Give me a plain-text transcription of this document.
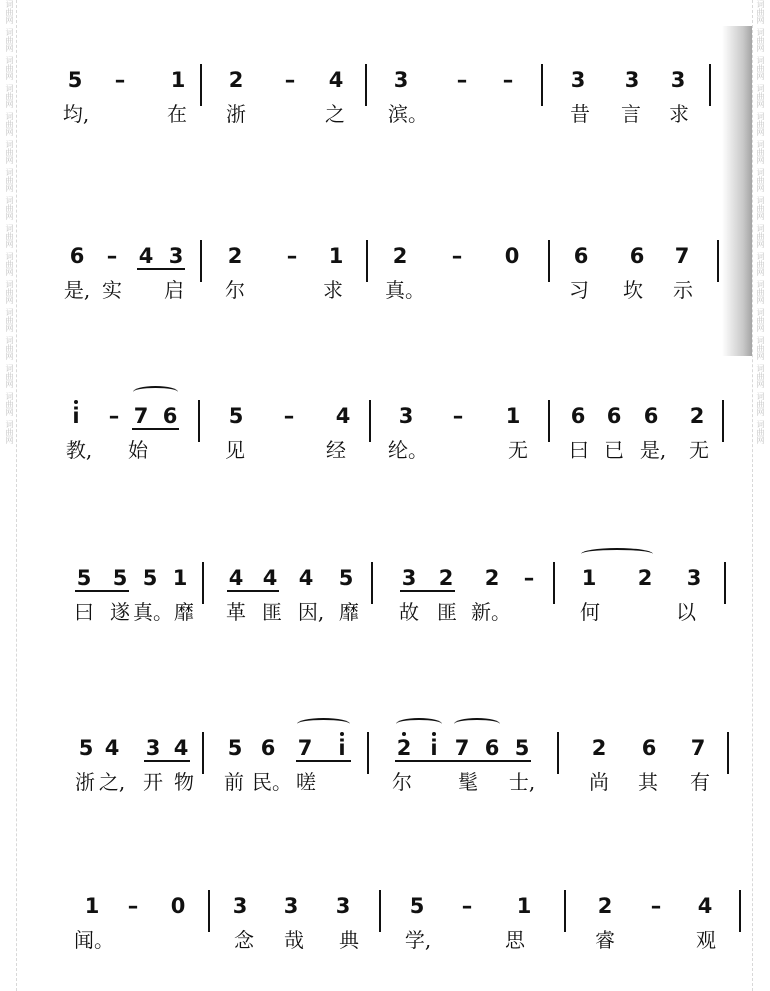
词曲网
词曲网
词曲网
词曲网
词曲网
词曲网
词曲网
词曲网
词曲网
词曲网
词曲网
词曲网
词曲网
词曲网
词曲网
词曲网
词曲网
词曲网
词曲网
词曲网
词曲网
词曲网
词曲网
词曲网
词曲网
词曲网
词曲网
词曲网
词曲网
词曲网
词曲网
词曲网
5 – 1 2 – 4 3 – –	3 3 3
均,	在 浙	之 滨。	昔 言 求
6 – 4 3 2 – 1 2 – 0	6 6 7
是, 实 启 尔	求 真。	习 坎 示
i – 7 6 5 – 4 3 – 1 6 6 6 2
教, 始	见	经 纶。	无 曰 已 是, 无
5 5 5 1 4 4 4 5 3 2 2 – 1 2 3
曰 遂 真。 靡 革 匪 因, 靡 故 匪 新。	何	以
5 4 3 4 5 6 7 i 2 i 7 6 5	2 6 7
浙 之, 开 物 前 民。 嗟	尔 髦 士,	尚 其 有
1 – 0 3 3 3	5 – 1	2 – 4
闻。	念 哉 典 学,	思	睿	观
